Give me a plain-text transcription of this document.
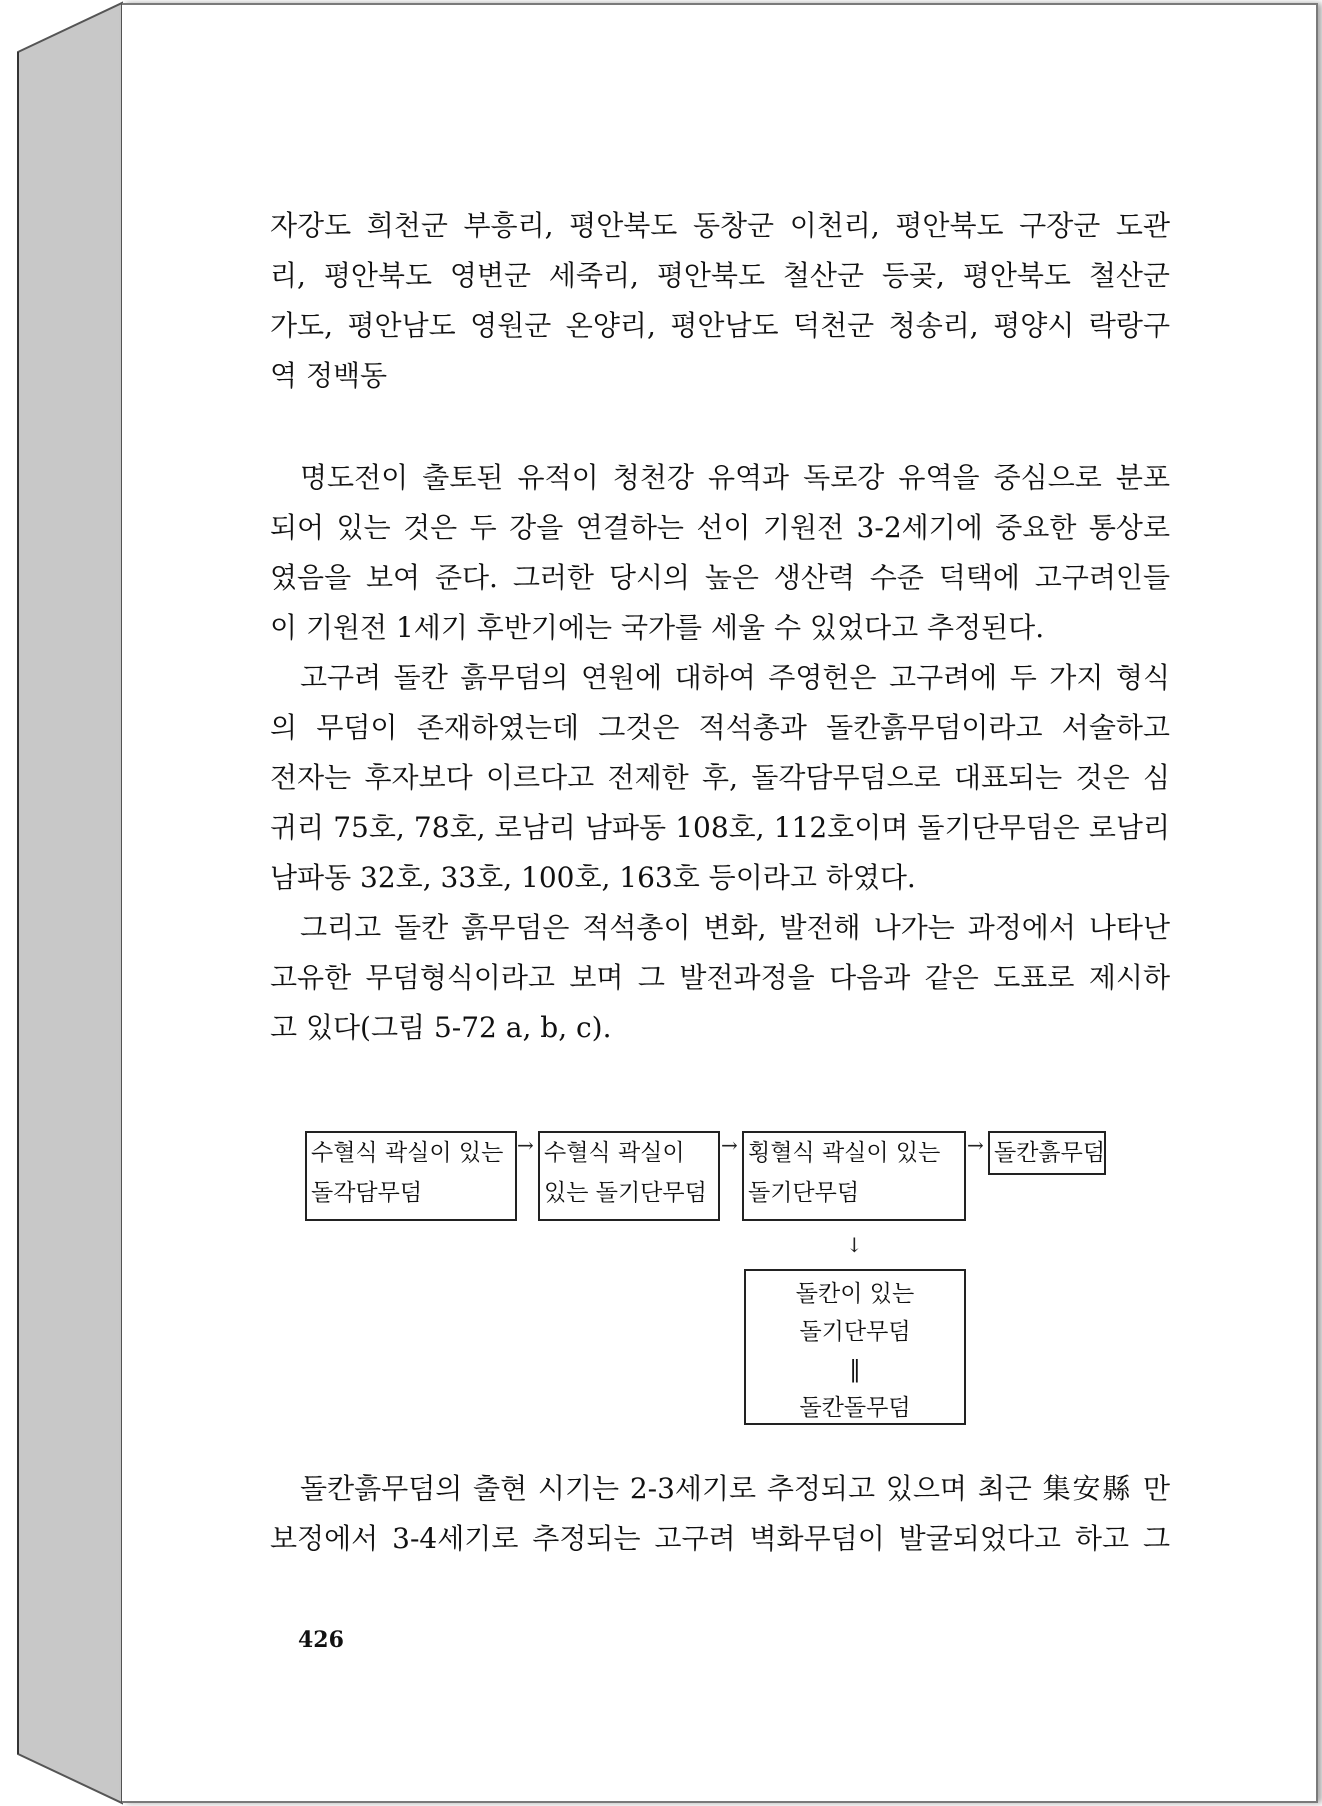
자강도 희천군 부흥리, 평안북도 동창군 이천리, 평안북도 구장군 도관
리, 평안북도 영변군 세죽리, 평안북도 철산군 등곶, 평안북도 철산군
가도, 평안남도 영원군 온양리, 평안남도 덕천군 청송리, 평양시 락랑구
역 정백동
명도전이 출토된 유적이 청천강 유역과 독로강 유역을 중심으로 분포
되어 있는 것은 두 강을 연결하는 선이 기원전 3-2세기에 중요한 통상로
였음을 보여 준다. 그러한 당시의 높은 생산력 수준 덕택에 고구려인들
이 기원전 1세기 후반기에는 국가를 세울 수 있었다고 추정된다.
고구려 돌칸 흙무덤의 연원에 대하여 주영헌은 고구려에 두 가지 형식
의 무덤이 존재하였는데 그것은 적석총과 돌칸흙무덤이라고 서술하고
전자는 후자보다 이르다고 전제한 후, 돌각담무덤으로 대표되는 것은 심
귀리 75호, 78호, 로남리 남파동 108호, 112호이며 돌기단무덤은 로남리
남파동 32호, 33호, 100호, 163호 등이라고 하였다.
그리고 돌칸 흙무덤은 적석총이 변화, 발전해 나가는 과정에서 나타난
고유한 무덤형식이라고 보며 그 발전과정을 다음과 같은 도표로 제시하
고 있다(그림 5-72 a, b, c).
수혈식 곽실이 있는
돌각담무덤
→ 수혈식 곽실이
있는 돌기단무덤
→ 횡혈식 곽실이 있는
돌기단무덤
→ 돌칸흙무덤
↓
돌칸이 있는
돌기단무덤
‖
돌칸돌무덤
돌칸흙무덤의 출현 시기는 2-3세기로 추정되고 있으며 최근 集安縣 만
보정에서 3-4세기로 추정되는 고구려 벽화무덤이 발굴되었다고 하고 그
426
